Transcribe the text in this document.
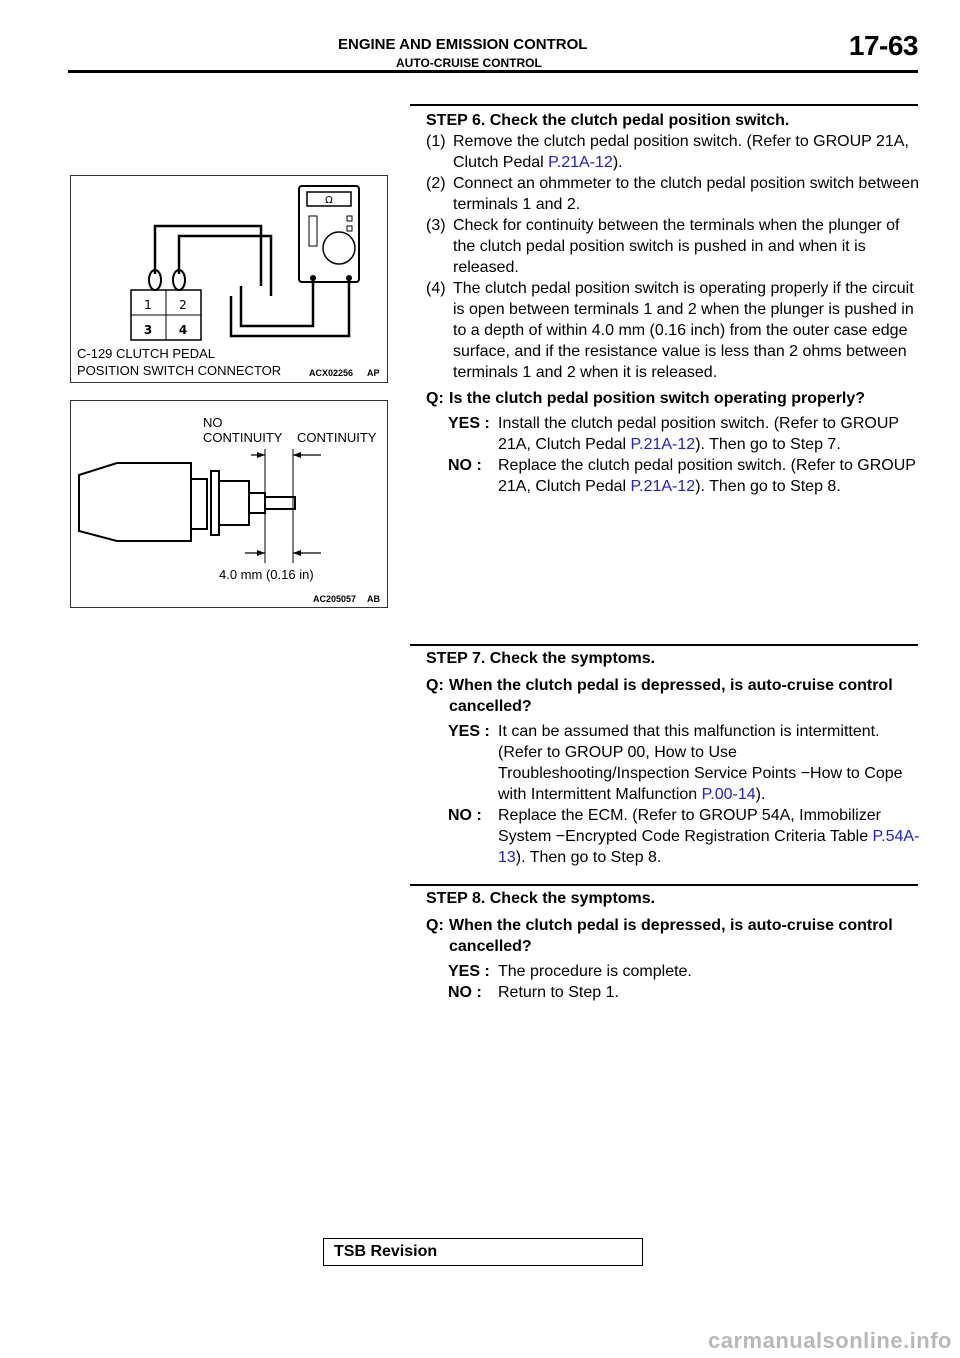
ENGINE AND EMISSION CONTROL
AUTO-CRUISE CONTROL
17-63
Ω
1 2
3 4
C-129 CLUTCH PEDAL
POSITION SWITCH CONNECTOR	ACX02256 AP
NO
CONTINUITY CONTINUITY
4.0 mm (0.16 in)
AC205057 AB
STEP 6. Check the clutch pedal position switch.
(1) Remove the clutch pedal position switch. (Refer to GROUP 21A, Clutch Pedal P.21A-12).
(2) Connect an ohmmeter to the clutch pedal position switch between terminals 1 and 2.
(3) Check for continuity between the terminals when the plunger of the clutch pedal position switch is pushed in and when it is released.
(4) The clutch pedal position switch is operating properly if the circuit is open between terminals 1 and 2 when the plunger is pushed in to a depth of within 4.0 mm (0.16 inch) from the outer case edge surface, and if the resistance value is less than 2 ohms between terminals 1 and 2 when it is released.
Q: Is the clutch pedal position switch operating properly?
YES : Install the clutch pedal position switch. (Refer to GROUP 21A, Clutch Pedal P.21A-12). Then go to Step 7.
NO : Replace the clutch pedal position switch. (Refer to GROUP 21A, Clutch Pedal P.21A-12). Then go to Step 8.
STEP 7. Check the symptoms.
Q: When the clutch pedal is depressed, is auto-cruise control cancelled?
YES : It can be assumed that this malfunction is intermittent. (Refer to GROUP 00, How to Use Troubleshooting/Inspection Service Points −How to Cope with Intermittent Malfunction P.00-14).
NO : Replace the ECM. (Refer to GROUP 54A, Immobilizer System −Encrypted Code Registration Criteria Table P.54A-13). Then go to Step 8.
STEP 8. Check the symptoms.
Q: When the clutch pedal is depressed, is auto-cruise control cancelled?
YES : The procedure is complete.
NO : Return to Step 1.
TSB Revision
carmanualsonline.info
